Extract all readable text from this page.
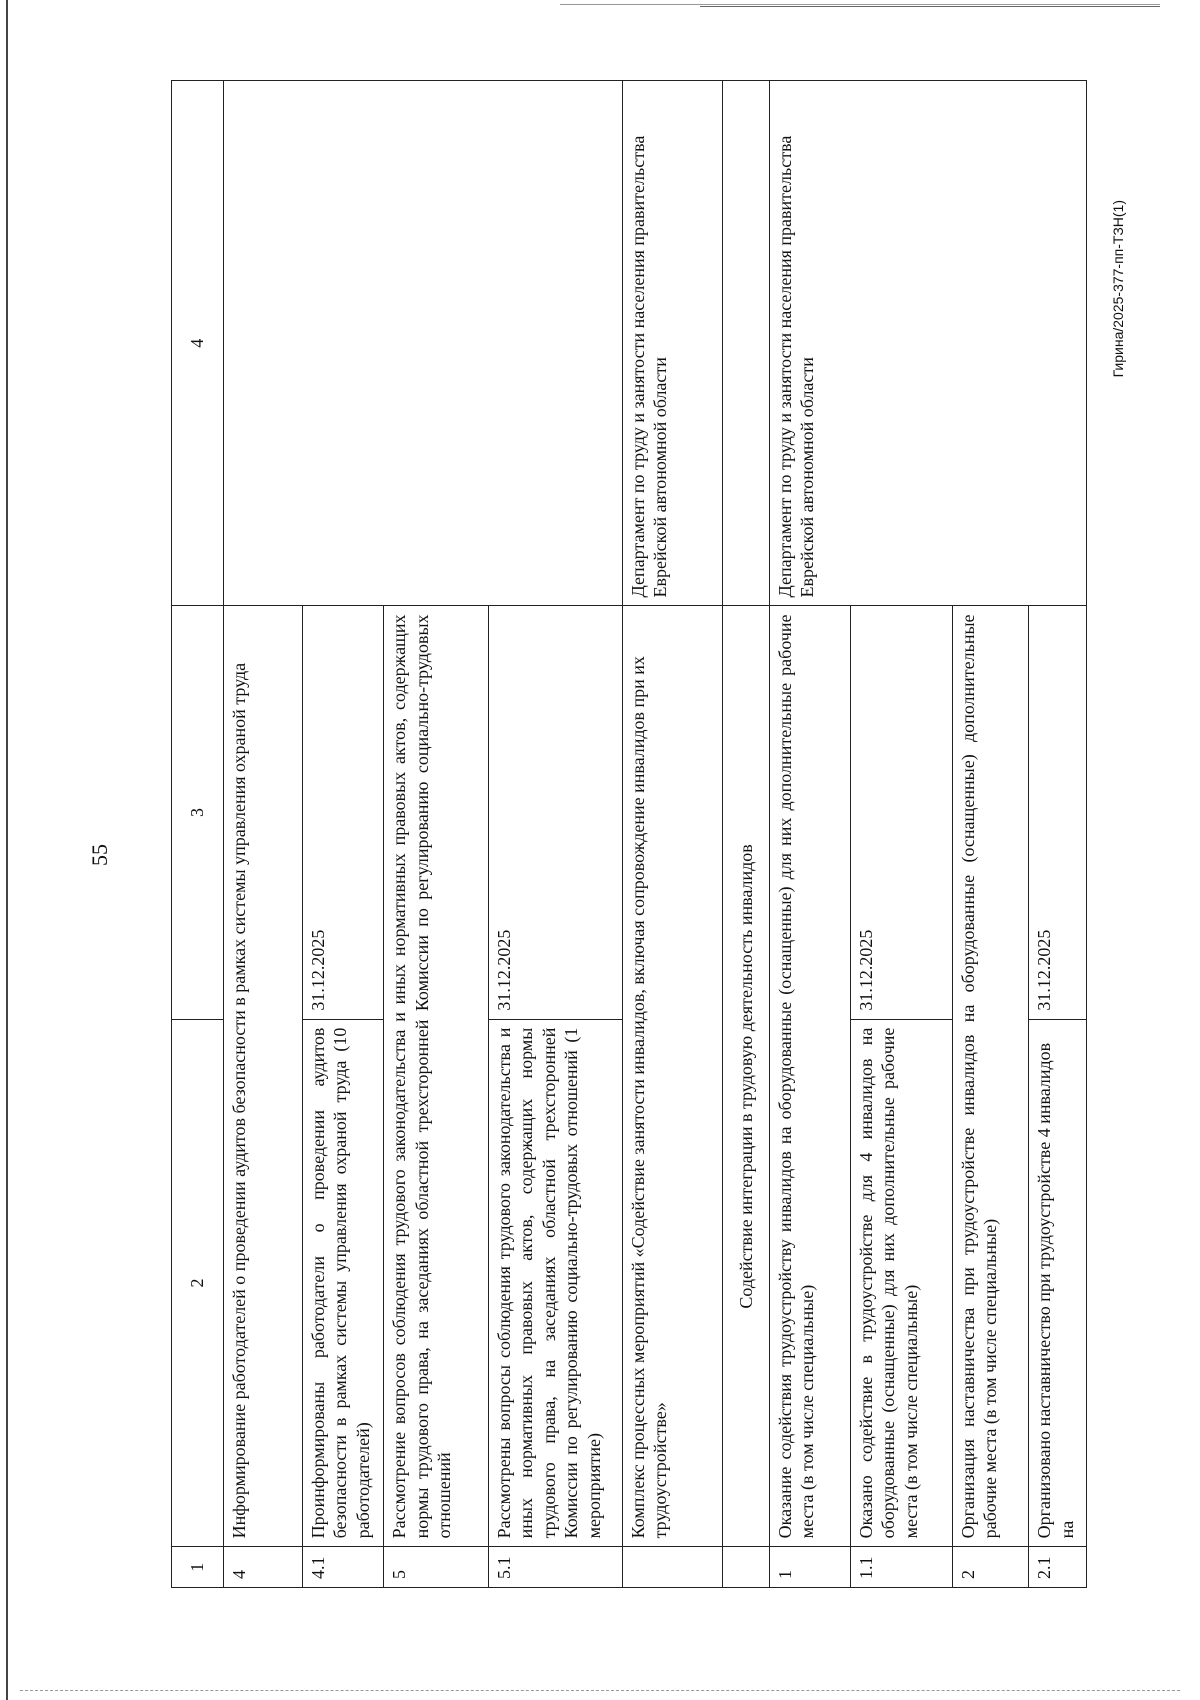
55
Гирина/2025-377-пп-ТЗН(1)
1	2	3	4
4	Информирование работодателей о проведении аудитов безопасности в рамках системы управления охраной труда		
4.1	Проинформированы работодатели о проведении аудитов безопасности в рамках системы управления охраной труда (10 работодателей)	31.12.2025	
5	Рассмотрение вопросов соблюдения трудового законодательства и иных нормативных правовых актов, содержащих нормы трудового права, на заседаниях областной трехсторонней Комиссии по регулированию социально-трудовых отношений		
5.1	Рассмотрены вопросы соблюдения трудового законодательства и иных нормативных правовых актов, содержащих нормы трудового права, на заседаниях областной трехсторонней Комиссии по регулированию социально-трудовых отношений (1 мероприятие)	31.12.2025	
	Комплекс процессных мероприятий «Содействие занятости инвалидов, включая сопровождение инвалидов при их трудоустройстве»		Департамент по труду и занятости населения правительства Еврейской автономной области
	Содействие интеграции в трудовую деятельность инвалидов		
1	Оказание содействия трудоустройству инвалидов на оборудованные (оснащенные) для них дополнительные рабочие места (в том числе специальные)		Департамент по труду и занятости населения правительства Еврейской автономной области
1.1	Оказано содействие в трудоустройстве для 4 инвалидов на оборудованные (оснащенные) для них дополнительные рабочие места (в том числе специальные)	31.12.2025	
2	Организация наставничества при трудоустройстве инвалидов на оборудованные (оснащенные) дополнительные рабочие места (в том числе специальные)		
2.1	Организовано наставничество при трудоустройстве 4 инвалидов на	31.12.2025	
